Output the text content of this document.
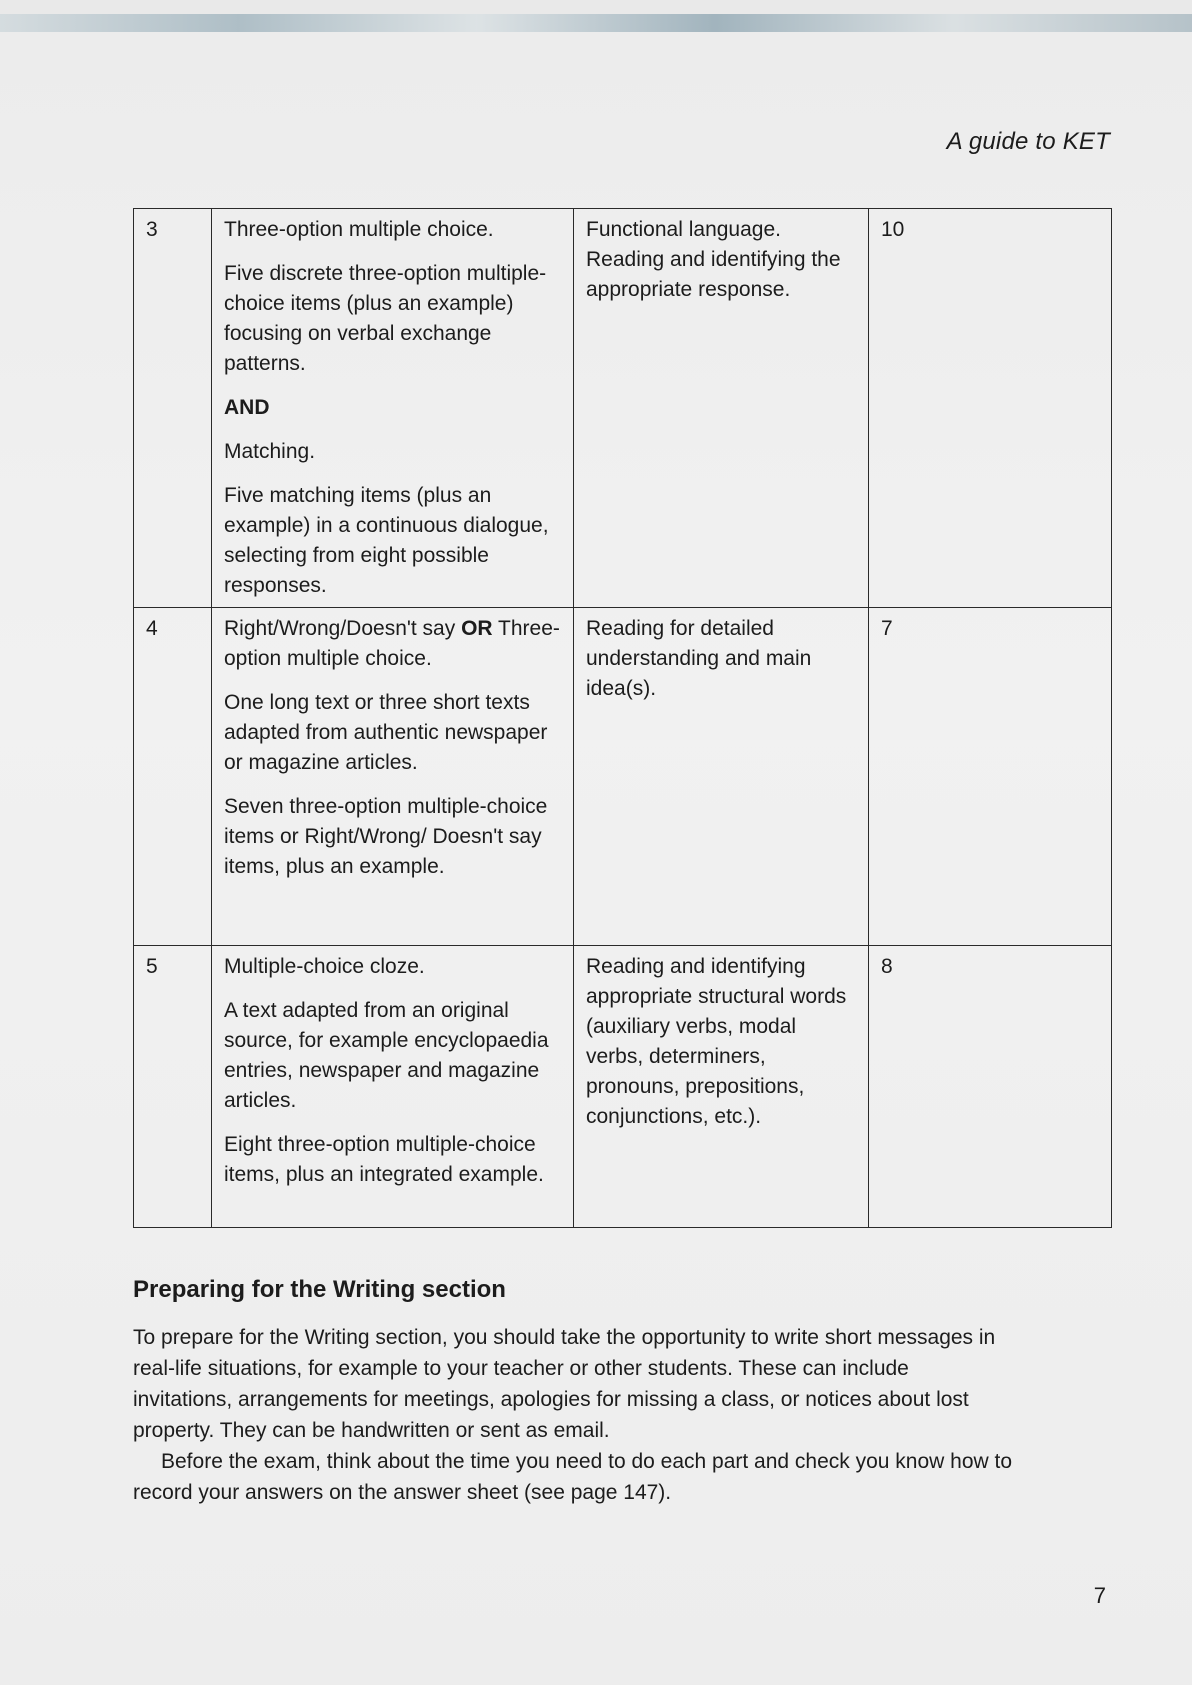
A guide to KET
3	Three-option multiple choice.

Five discrete three-option multiple-choice items (plus an example) focusing on verbal exchange patterns.

AND

Matching.

Five matching items (plus an example) in a continuous dialogue, selecting from eight possible responses.	Functional language. Reading and identifying the appropriate response.	10
4	Right/Wrong/Doesn't say OR Three-option multiple choice.

One long text or three short texts adapted from authentic newspaper or magazine articles.

Seven three-option multiple-choice items or Right/Wrong/ Doesn't say items, plus an example.	Reading for detailed understanding and main idea(s).	7
5	Multiple-choice cloze.

A text adapted from an original source, for example encyclopaedia entries, newspaper and magazine articles.

Eight three-option multiple-choice items, plus an integrated example.	Reading and identifying appropriate structural words (auxiliary verbs, modal verbs, determiners, pronouns, prepositions, conjunctions, etc.).	8
Preparing for the Writing section

To prepare for the Writing section, you should take the opportunity to write short messages in real-life situations, for example to your teacher or other students. These can include invitations, arrangements for meetings, apologies for missing a class, or notices about lost property. They can be handwritten or sent as email.

Before the exam, think about the time you need to do each part and check you know how to record your answers on the answer sheet (see page 147).

7
